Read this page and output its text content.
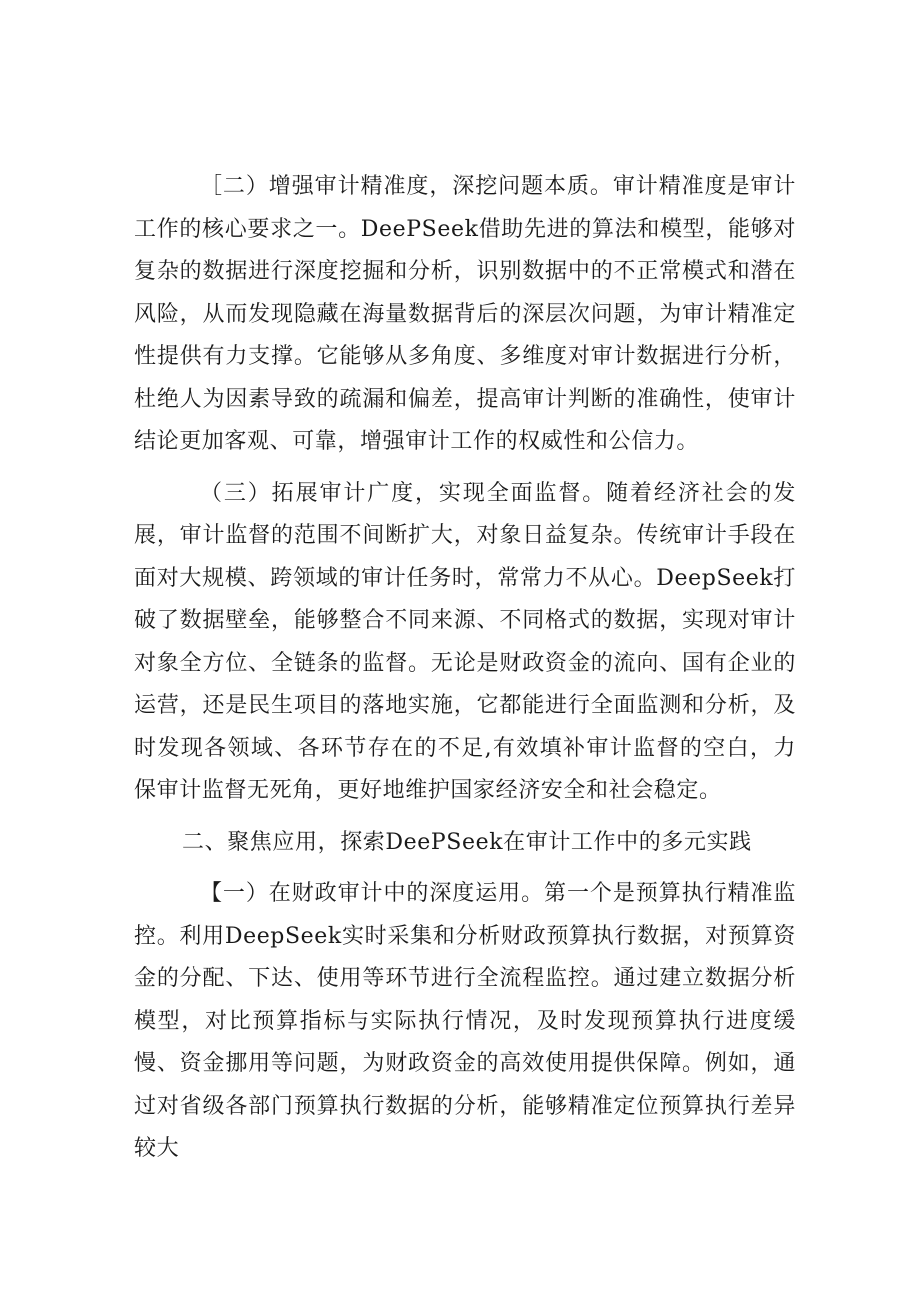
［二）增强审计精准度，深挖问题本质。审计精准度是审计工作的核心要求之一。DeePSeek借助先进的算法和模型，能够对复杂的数据进行深度挖掘和分析，识别数据中的不正常模式和潜在风险，从而发现隐藏在海量数据背后的深层次问题，为审计精准定性提供有力支撑。它能够从多角度、多维度对审计数据进行分析，杜绝人为因素导致的疏漏和偏差，提高审计判断的准确性，使审计结论更加客观、可靠，增强审计工作的权威性和公信力。

（三）拓展审计广度，实现全面监督。随着经济社会的发展，审计监督的范围不间断扩大，对象日益复杂。传统审计手段在面对大规模、跨领域的审计任务时，常常力不从心。DeepSeek打破了数据壁垒，能够整合不同来源、不同格式的数据，实现对审计对象全方位、全链条的监督。无论是财政资金的流向、国有企业的运营，还是民生项目的落地实施，它都能进行全面监测和分析，及时发现各领域、各环节存在的不足,有效填补审计监督的空白，力保审计监督无死角，更好地维护国家经济安全和社会稳定。

二、聚焦应用，探索DeePSeek在审计工作中的多元实践

【一）在财政审计中的深度运用。第一个是预算执行精准监控。利用DeepSeek实时采集和分析财政预算执行数据，对预算资金的分配、下达、使用等环节进行全流程监控。通过建立数据分析模型，对比预算指标与实际执行情况，及时发现预算执行进度缓慢、资金挪用等问题，为财政资金的高效使用提供保障。例如，通过对省级各部门预算执行数据的分析，能够精准定位预算执行差异较大
